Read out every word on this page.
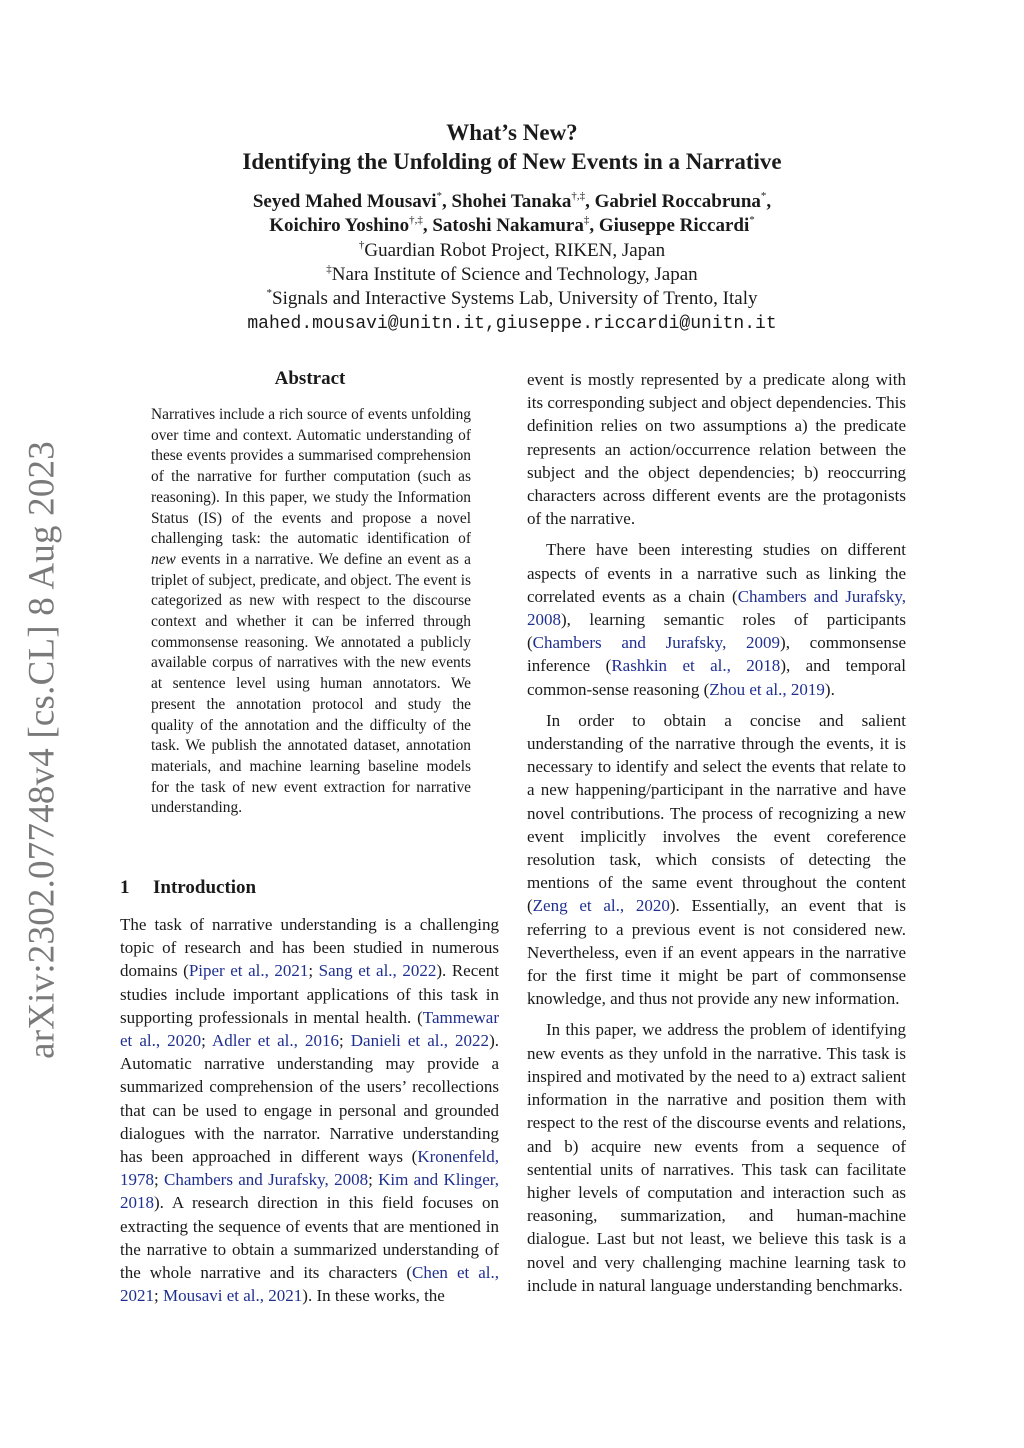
arXiv:2302.07748v4 [cs.CL] 8 Aug 2023
What’s New?
Identifying the Unfolding of New Events in a Narrative
Seyed Mahed Mousavi*, Shohei Tanaka†,‡, Gabriel Roccabruna*,
Koichiro Yoshino†,‡, Satoshi Nakamura‡, Giuseppe Riccardi*
†Guardian Robot Project, RIKEN, Japan
‡Nara Institute of Science and Technology, Japan
*Signals and Interactive Systems Lab, University of Trento, Italy
mahed.mousavi@unitn.it,giuseppe.riccardi@unitn.it
Abstract

Narratives include a rich source of events unfolding over time and context. Automatic understanding of these events provides a summarised comprehension of the narrative for further computation (such as reasoning). In this paper, we study the Information Status (IS) of the events and propose a novel challenging task: the automatic identification of new events in a narrative. We define an event as a triplet of subject, predicate, and object. The event is categorized as new with respect to the discourse context and whether it can be inferred through commonsense reasoning. We annotated a publicly available corpus of narratives with the new events at sentence level using human annotators. We present the annotation protocol and study the quality of the annotation and the difficulty of the task. We publish the annotated dataset, annotation materials, and machine learning baseline models for the task of new event extraction for narrative understanding.

1 Introduction

The task of narrative understanding is a challenging topic of research and has been studied in numerous domains (Piper et al., 2021; Sang et al., 2022). Recent studies include important applications of this task in supporting professionals in mental health. (Tammewar et al., 2020; Adler et al., 2016; Danieli et al., 2022). Automatic narrative understanding may provide a summarized comprehension of the users’ recollections that can be used to engage in personal and grounded dialogues with the narrator. Narrative understanding has been approached in different ways (Kronenfeld, 1978; Chambers and Jurafsky, 2008; Kim and Klinger, 2018). A research direction in this field focuses on extracting the sequence of events that are mentioned in the narrative to obtain a summarized understanding of the whole narrative and its characters (Chen et al., 2021; Mousavi et al., 2021). In these works, the

event is mostly represented by a predicate along with its corresponding subject and object dependencies. This definition relies on two assumptions a) the predicate represents an action/occurrence relation between the subject and the object dependencies; b) reoccurring characters across different events are the protagonists of the narrative.

There have been interesting studies on different aspects of events in a narrative such as linking the correlated events as a chain (Chambers and Jurafsky, 2008), learning semantic roles of participants (Chambers and Jurafsky, 2009), commonsense inference (Rashkin et al., 2018), and temporal common-sense reasoning (Zhou et al., 2019).

In order to obtain a concise and salient understanding of the narrative through the events, it is necessary to identify and select the events that relate to a new happening/participant in the narrative and have novel contributions. The process of recognizing a new event implicitly involves the event coreference resolution task, which consists of detecting the mentions of the same event throughout the content (Zeng et al., 2020). Essentially, an event that is referring to a previous event is not considered new. Nevertheless, even if an event appears in the narrative for the first time it might be part of commonsense knowledge, and thus not provide any new information.

In this paper, we address the problem of identifying new events as they unfold in the narrative. This task is inspired and motivated by the need to a) extract salient information in the narrative and position them with respect to the rest of the discourse events and relations, and b) acquire new events from a sequence of sentential units of narratives. This task can facilitate higher levels of computation and interaction such as reasoning, summarization, and human-machine dialogue. Last but not least, we believe this task is a novel and very challenging machine learning task to include in natural language understanding benchmarks.
